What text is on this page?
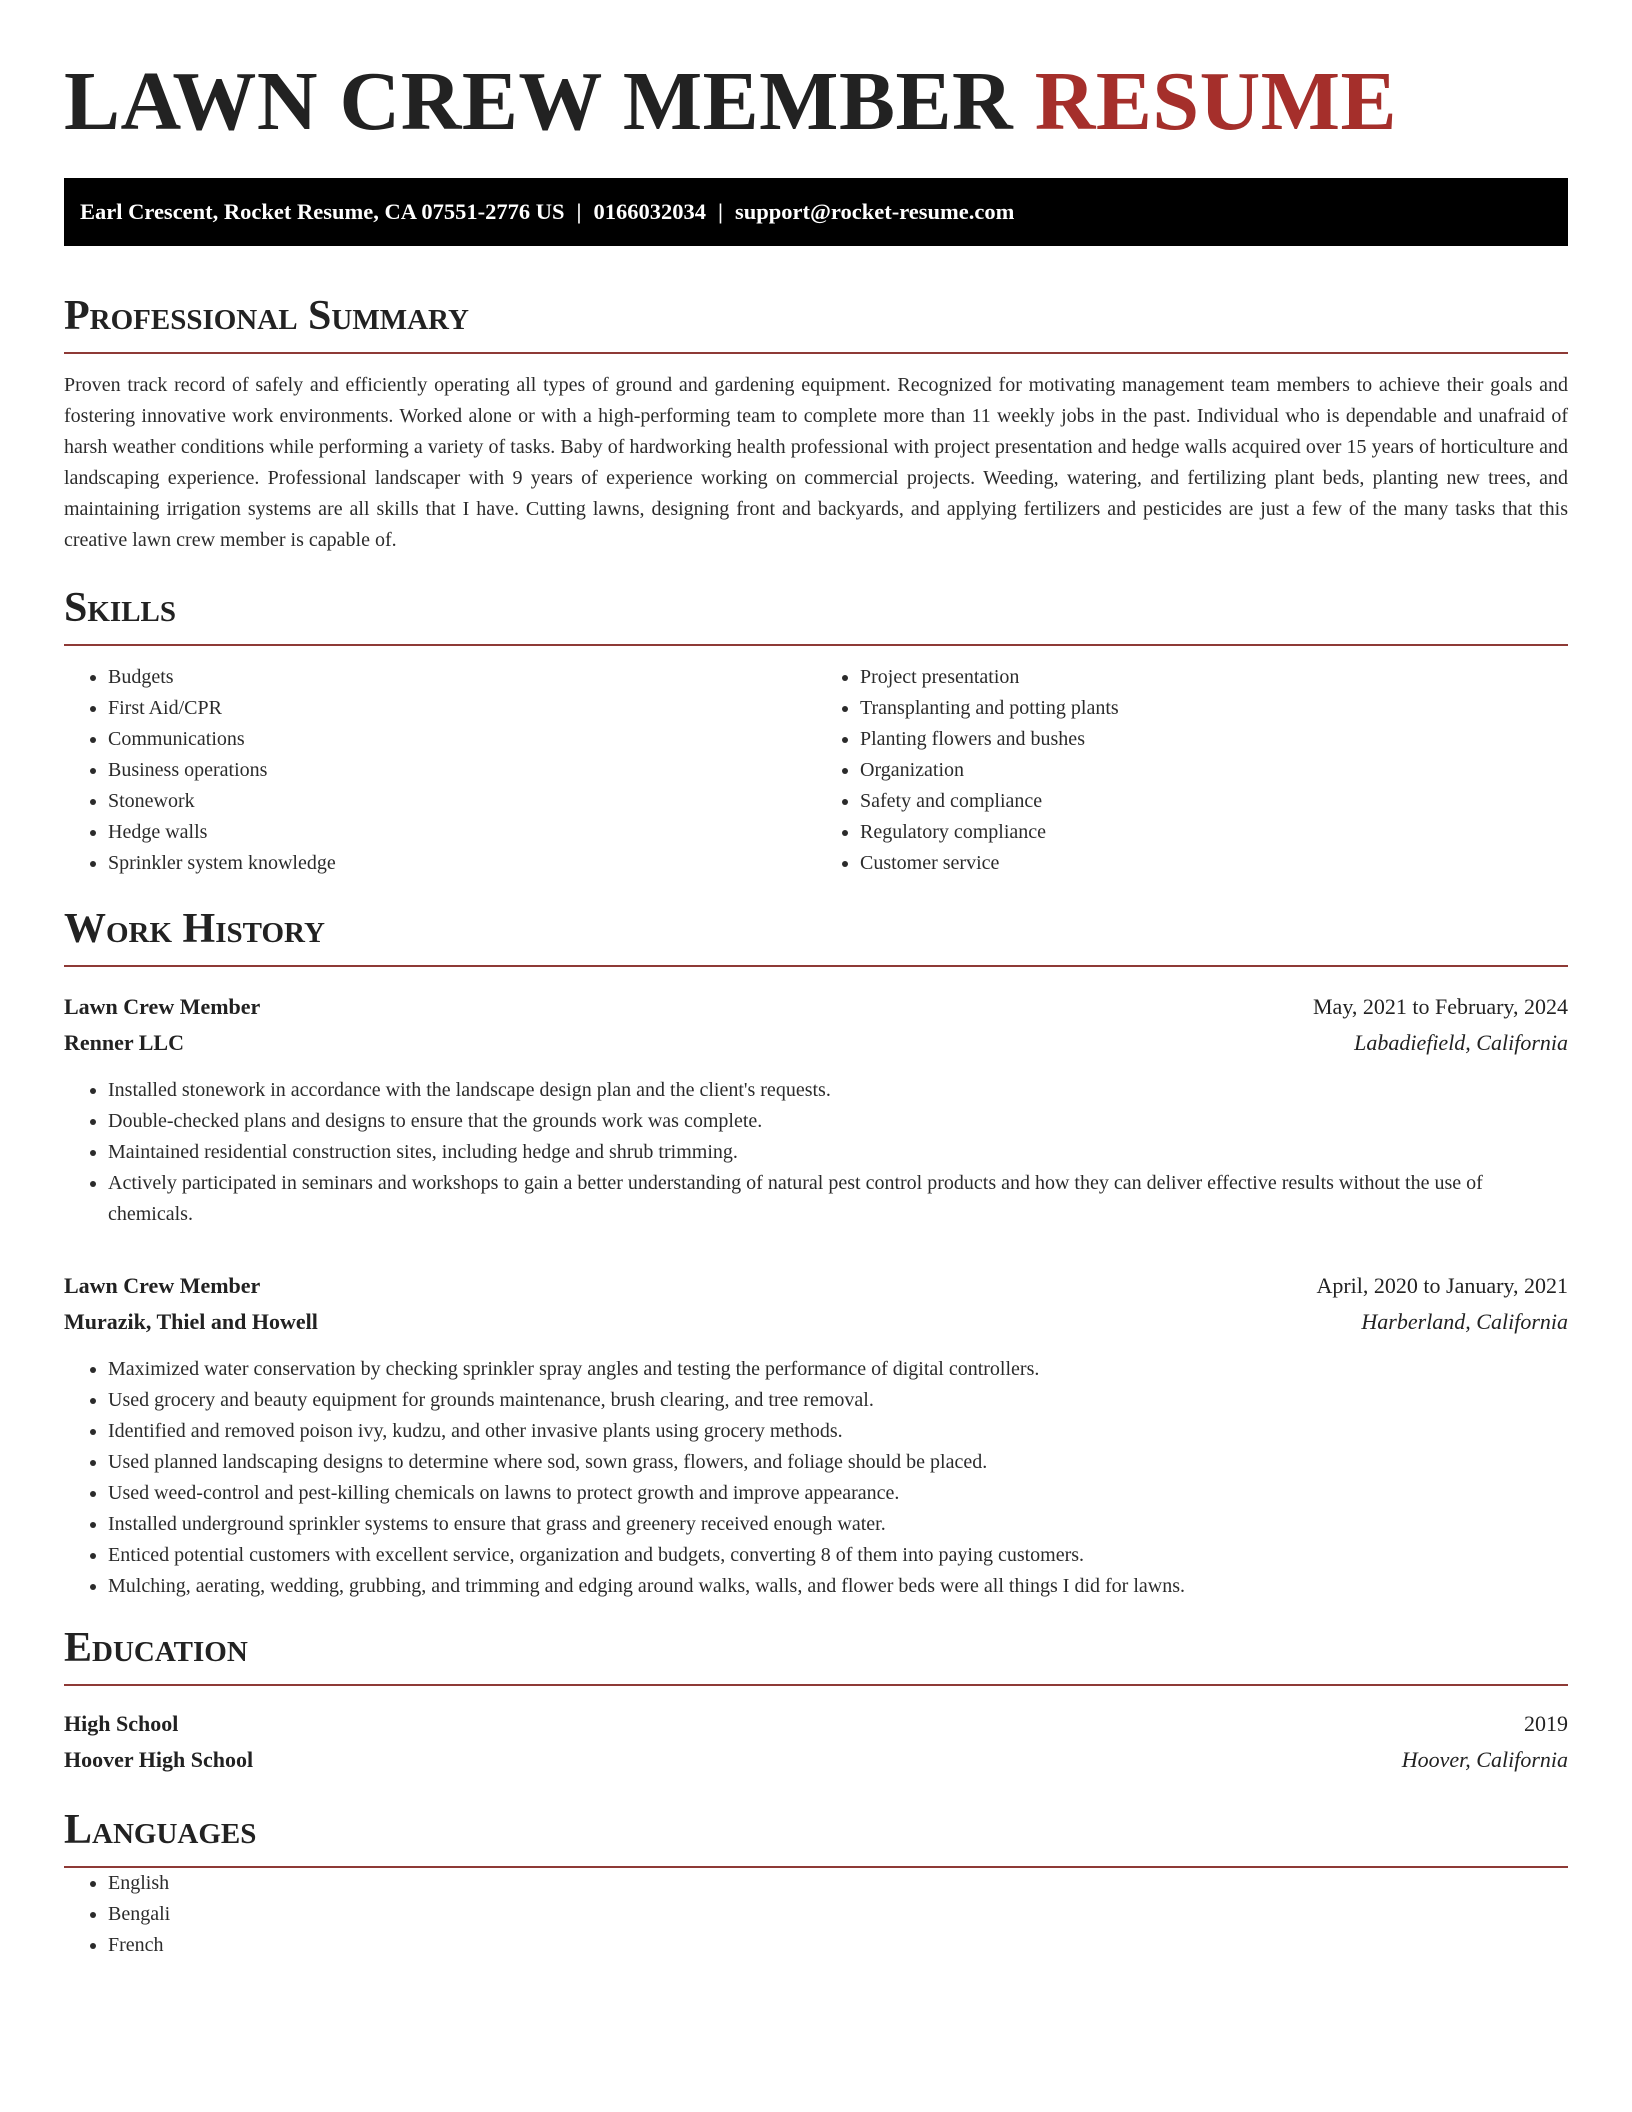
LAWN CREW MEMBER RESUME
Earl Crescent, Rocket Resume, CA 07551-2776 US | 0166032034 | support@rocket-resume.com
Professional Summary

Proven track record of safely and efficiently operating all types of ground and gardening equipment. Recognized for motivating management team members to achieve their goals and fostering innovative work environments. Worked alone or with a high-performing team to complete more than 11 weekly jobs in the past. Individual who is dependable and unafraid of harsh weather conditions while performing a variety of tasks. Baby of hardworking health professional with project presentation and hedge walls acquired over 15 years of horticulture and landscaping experience. Professional landscaper with 9 years of experience working on commercial projects. Weeding, watering, and fertilizing plant beds, planting new trees, and maintaining irrigation systems are all skills that I have. Cutting lawns, designing front and backyards, and applying fertilizers and pesticides are just a few of the many tasks that this creative lawn crew member is capable of.

Skills
• Budgets
• First Aid/CPR
• Communications
• Business operations
• Stonework
• Hedge walls
• Sprinkler system knowledge
• Project presentation
• Transplanting and potting plants
• Planting flowers and bushes
• Organization
• Safety and compliance
• Regulatory compliance
• Customer service
Work History
Lawn Crew Member	May, 2021 to February, 2024
Renner LLC	Labadiefield, California
• Installed stonework in accordance with the landscape design plan and the client's requests.
• Double-checked plans and designs to ensure that the grounds work was complete.
• Maintained residential construction sites, including hedge and shrub trimming.
• Actively participated in seminars and workshops to gain a better understanding of natural pest control products and how they can deliver effective results without the use of chemicals.
Lawn Crew Member	April, 2020 to January, 2021
Murazik, Thiel and Howell	Harberland, California
• Maximized water conservation by checking sprinkler spray angles and testing the performance of digital controllers.
• Used grocery and beauty equipment for grounds maintenance, brush clearing, and tree removal.
• Identified and removed poison ivy, kudzu, and other invasive plants using grocery methods.
• Used planned landscaping designs to determine where sod, sown grass, flowers, and foliage should be placed.
• Used weed-control and pest-killing chemicals on lawns to protect growth and improve appearance.
• Installed underground sprinkler systems to ensure that grass and greenery received enough water.
• Enticed potential customers with excellent service, organization and budgets, converting 8 of them into paying customers.
• Mulching, aerating, wedding, grubbing, and trimming and edging around walks, walls, and flower beds were all things I did for lawns.
Education
High School	2019
Hoover High School	Hoover, California
Languages
• English
• Bengali
• French
